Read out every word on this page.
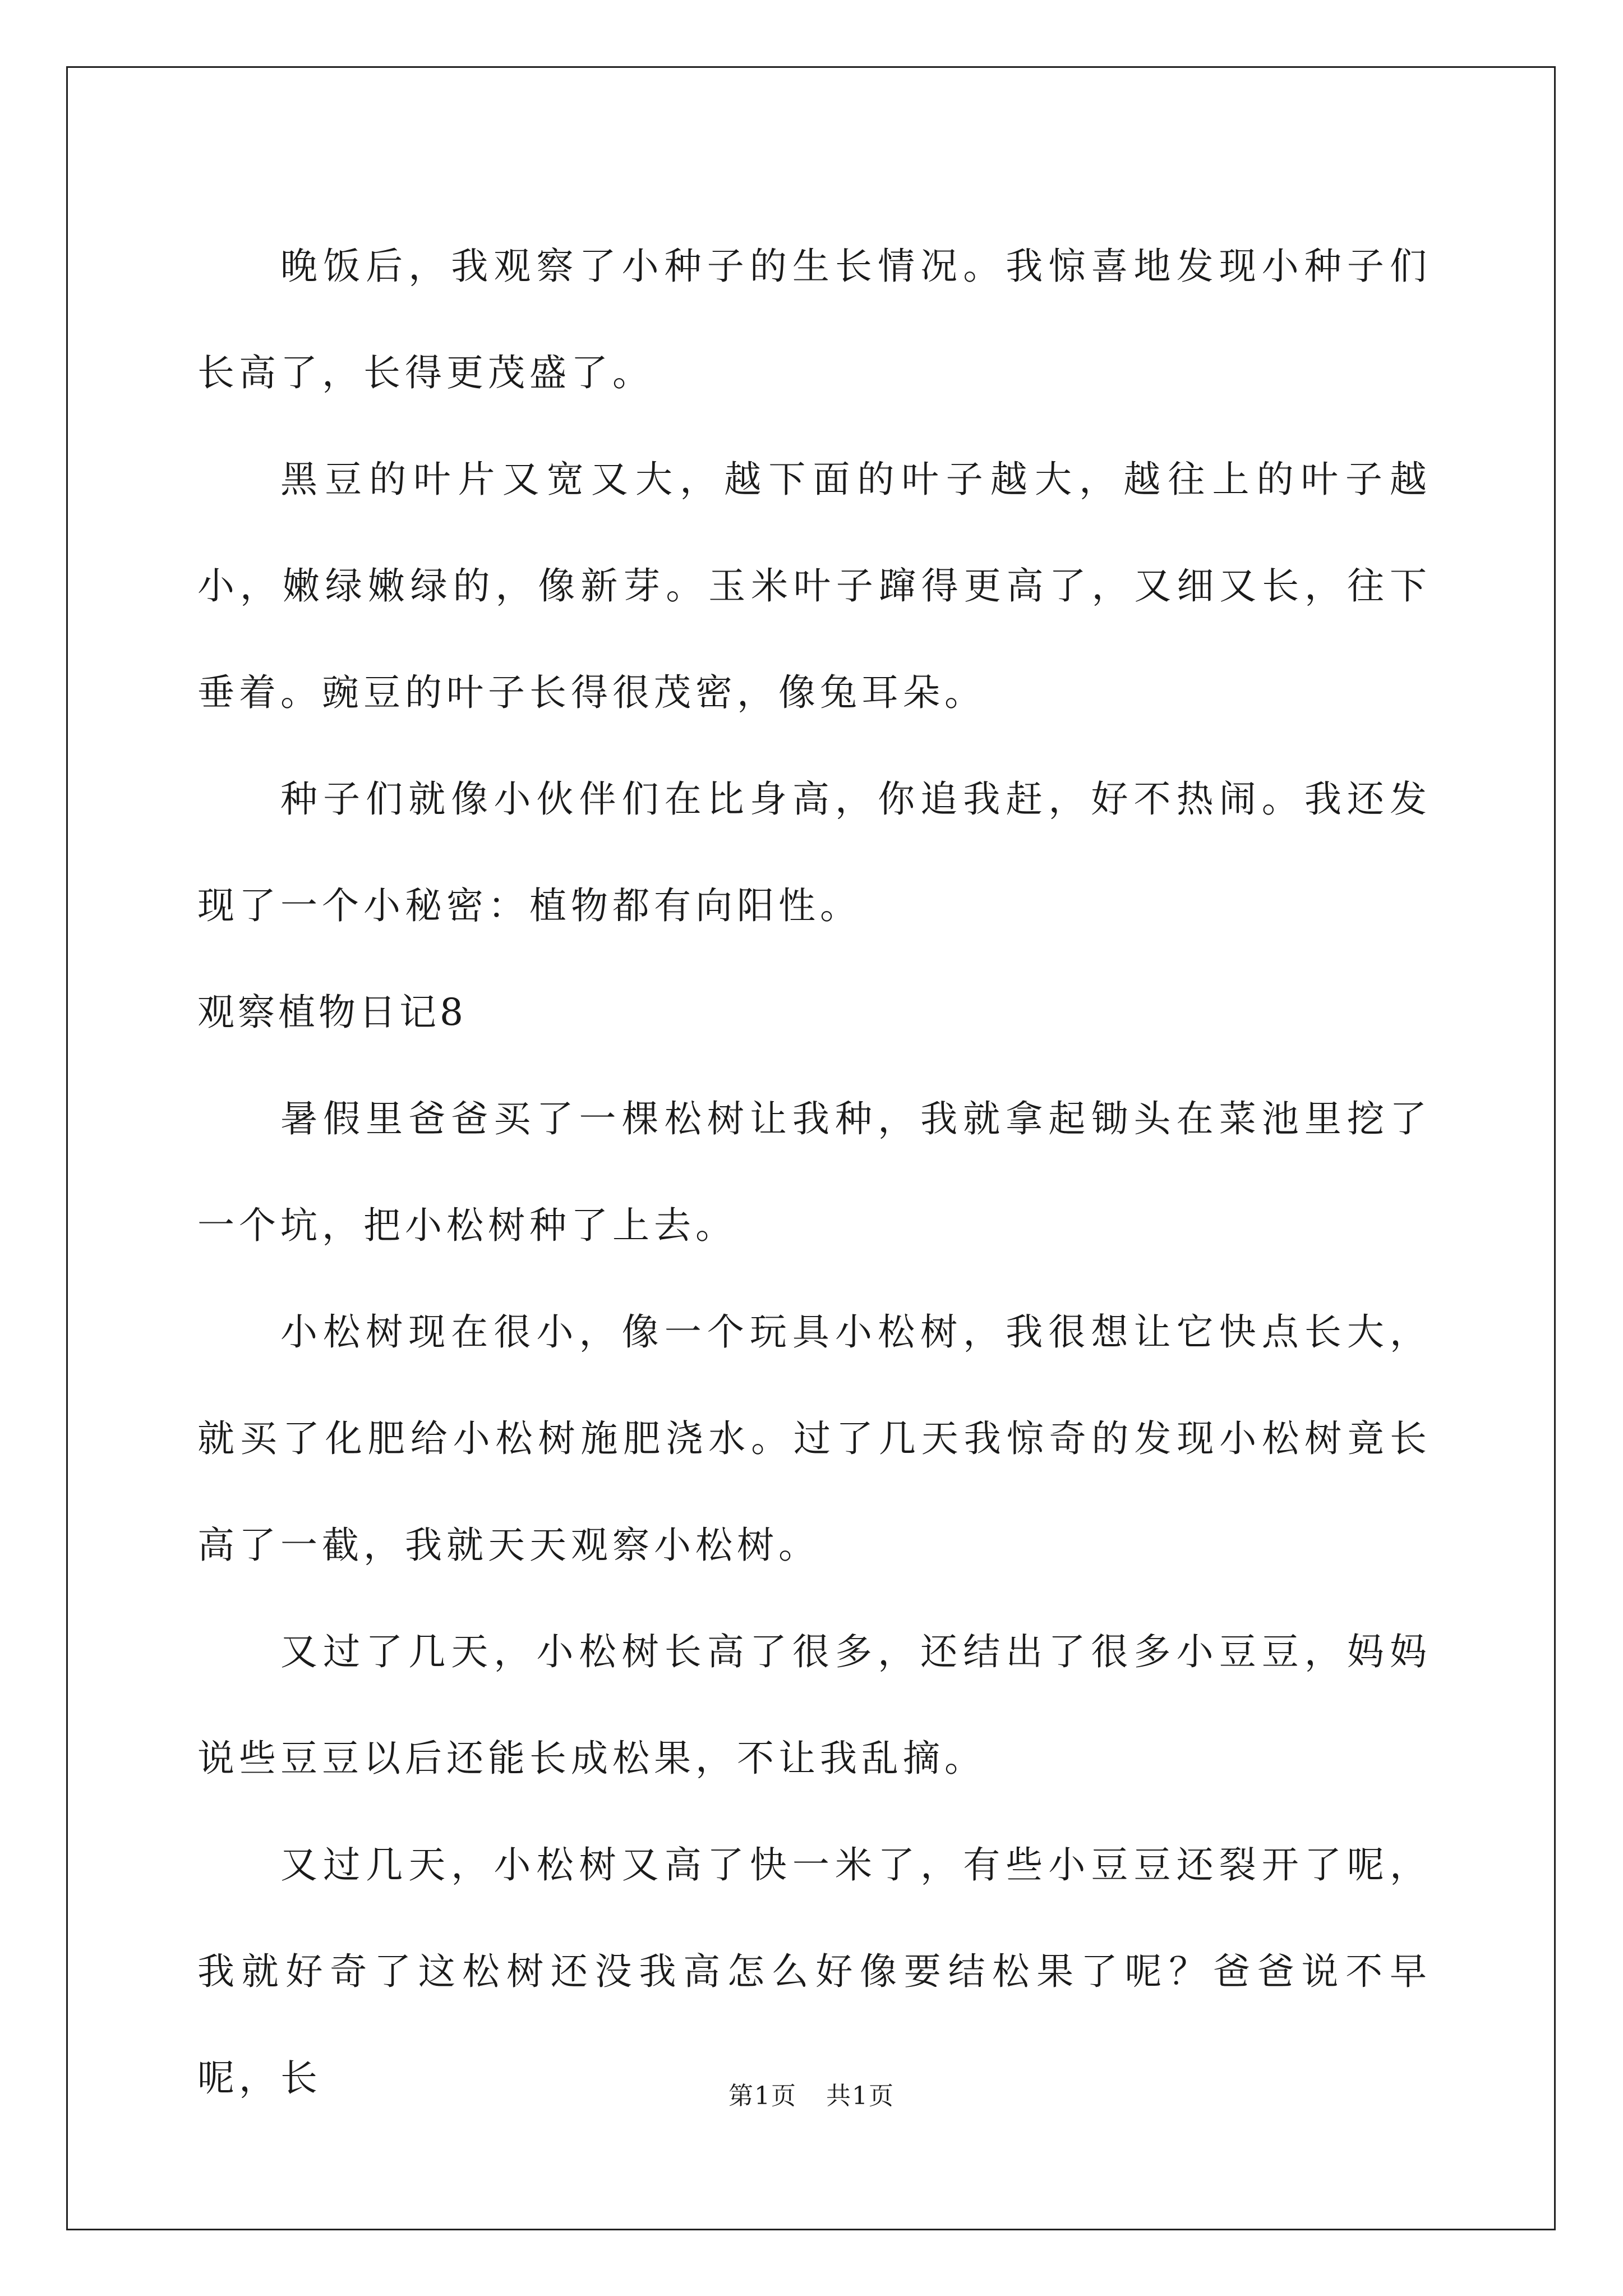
晚饭后，我观察了小种子的生长情况。我惊喜地发现小种子们长高了，长得更茂盛了。

黑豆的叶片又宽又大，越下面的叶子越大，越往上的叶子越小，嫩绿嫩绿的，像新芽。玉米叶子蹿得更高了，又细又长，往下垂着。豌豆的叶子长得很茂密，像兔耳朵。

种子们就像小伙伴们在比身高，你追我赶，好不热闹。我还发现了一个小秘密：植物都有向阳性。

观察植物日记8

暑假里爸爸买了一棵松树让我种，我就拿起锄头在菜池里挖了一个坑，把小松树种了上去。

小松树现在很小，像一个玩具小松树，我很想让它快点长大，就买了化肥给小松树施肥浇水。过了几天我惊奇的发现小松树竟长高了一截，我就天天观察小松树。

又过了几天，小松树长高了很多，还结出了很多小豆豆，妈妈说些豆豆以后还能长成松果，不让我乱摘。

又过几天，小松树又高了快一米了，有些小豆豆还裂开了呢，我就好奇了这松树还没我高怎么好像要结松果了呢？爸爸说不早呢，长	第1页 共1页
